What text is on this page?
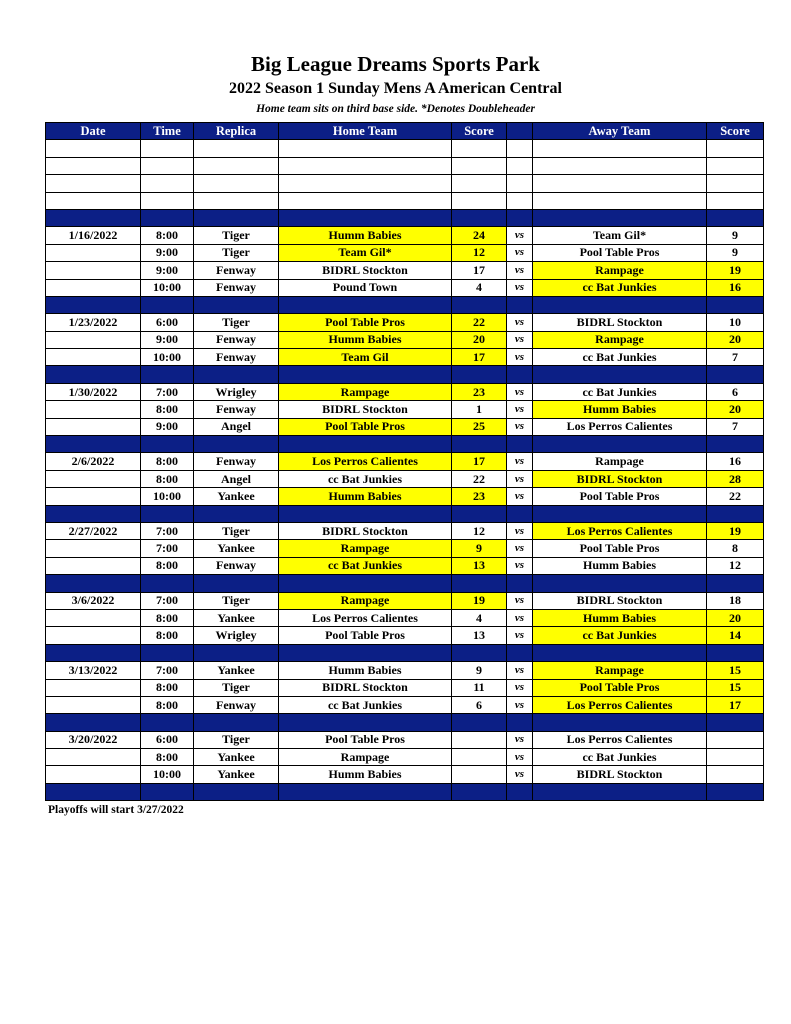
Big League Dreams Sports Park
2022 Season 1 Sunday Mens A American Central
Home team sits on third base side. *Denotes Doubleheader
Date	Time	Replica	Home Team	Score		Away Team	Score

1/16/2022	8:00	Tiger	Humm Babies	24	vs	Team Gil*	9
	9:00	Tiger	Team Gil*	12	vs	Pool Table Pros	9
	9:00	Fenway	BIDRL Stockton	17	vs	Rampage	19
	10:00	Fenway	Pound Town	4	vs	cc Bat Junkies	16

1/23/2022	6:00	Tiger	Pool Table Pros	22	vs	BIDRL Stockton	10
	9:00	Fenway	Humm Babies	20	vs	Rampage	20
	10:00	Fenway	Team Gil	17	vs	cc Bat Junkies	7

1/30/2022	7:00	Wrigley	Rampage	23	vs	cc Bat Junkies	6
	8:00	Fenway	BIDRL Stockton	1	vs	Humm Babies	20
	9:00	Angel	Pool Table Pros	25	vs	Los Perros Calientes	7

2/6/2022	8:00	Fenway	Los Perros Calientes	17	vs	Rampage	16
	8:00	Angel	cc Bat Junkies	22	vs	BIDRL Stockton	28
	10:00	Yankee	Humm Babies	23	vs	Pool Table Pros	22

2/27/2022	7:00	Tiger	BIDRL Stockton	12	vs	Los Perros Calientes	19
	7:00	Yankee	Rampage	9	vs	Pool Table Pros	8
	8:00	Fenway	cc Bat Junkies	13	vs	Humm Babies	12

3/6/2022	7:00	Tiger	Rampage	19	vs	BIDRL Stockton	18
	8:00	Yankee	Los Perros Calientes	4	vs	Humm Babies	20
	8:00	Wrigley	Pool Table Pros	13	vs	cc Bat Junkies	14

3/13/2022	7:00	Yankee	Humm Babies	9	vs	Rampage	15
	8:00	Tiger	BIDRL Stockton	11	vs	Pool Table Pros	15
	8:00	Fenway	cc Bat Junkies	6	vs	Los Perros Calientes	17

3/20/2022	6:00	Tiger	Pool Table Pros		vs	Los Perros Calientes	
	8:00	Yankee	Rampage		vs	cc Bat Junkies	
	10:00	Yankee	Humm Babies		vs	BIDRL Stockton	

Playoffs will start 3/27/2022
